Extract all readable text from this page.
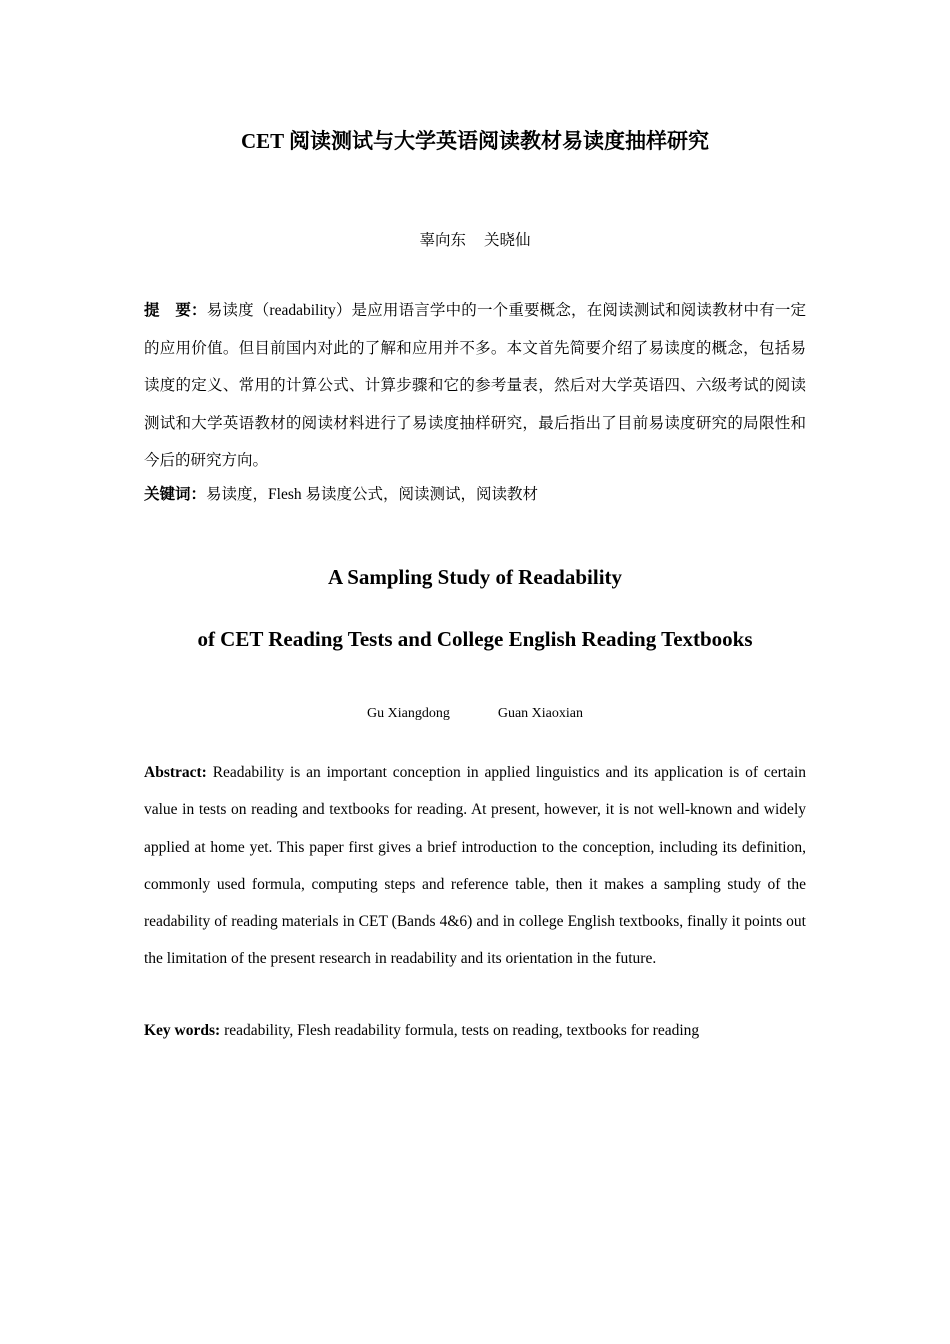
CET 阅读测试与大学英语阅读教材易读度抽样研究
辜向东 关晓仙
提　要：易读度（readability）是应用语言学中的一个重要概念，在阅读测试和阅读教材中有一定的应用价值。但目前国内对此的了解和应用并不多。本文首先简要介绍了易读度的概念，包括易读度的定义、常用的计算公式、计算步骤和它的参考量表，然后对大学英语四、六级考试的阅读测试和大学英语教材的阅读材料进行了易读度抽样研究，最后指出了目前易读度研究的局限性和今后的研究方向。
关键词：易读度，Flesh 易读度公式，阅读测试，阅读教材
A Sampling Study of Readability
of CET Reading Tests and College English Reading Textbooks
Gu Xiangdong	Guan Xiaoxian
Abstract: Readability is an important conception in applied linguistics and its application is of certain value in tests on reading and textbooks for reading. At present, however, it is not well-known and widely applied at home yet. This paper first gives a brief introduction to the conception, including its definition, commonly used formula, computing steps and reference table, then it makes a sampling study of the readability of reading materials in CET (Bands 4&6) and in college English textbooks, finally it points out the limitation of the present research in readability and its orientation in the future.
Key words: readability, Flesh readability formula, tests on reading, textbooks for reading
